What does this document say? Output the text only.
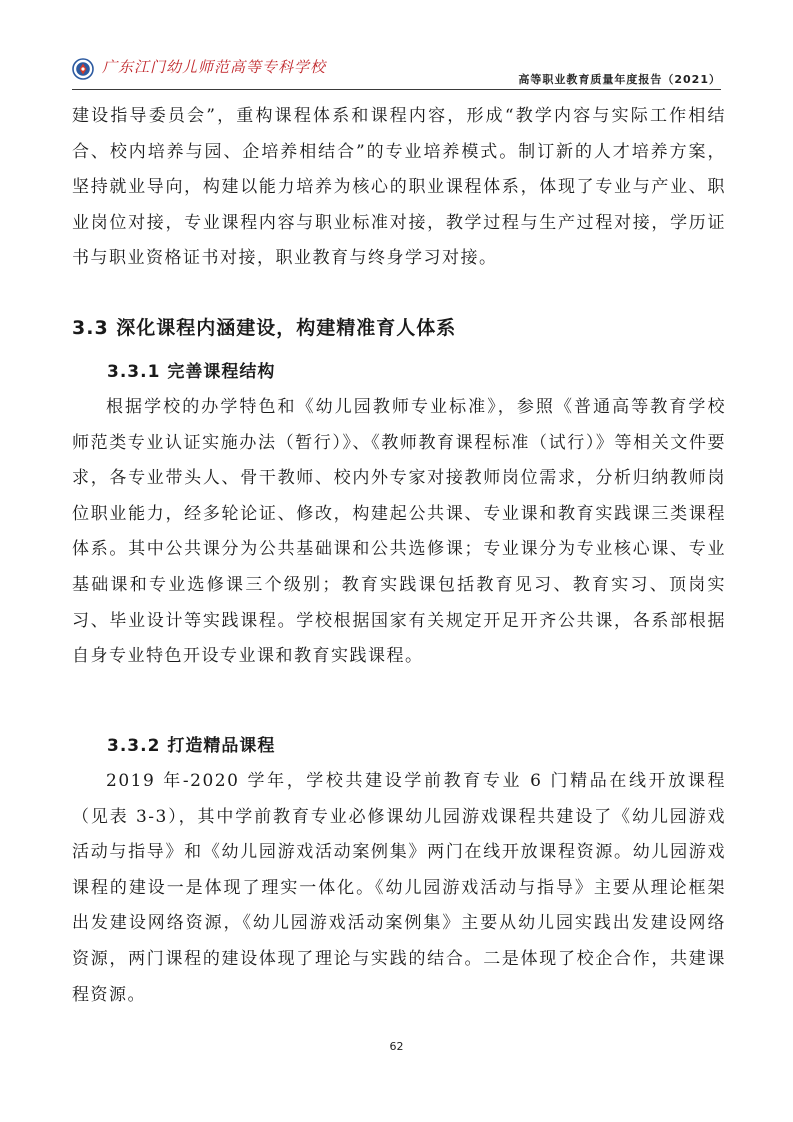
广东江门幼儿师范高等专科学校
高等职业教育质量年度报告（2021）

建设指导委员会”，重构课程体系和课程内容，形成“教学内容与实际工作相结合、校内培养与园、企培养相结合”的专业培养模式。制订新的人才培养方案，坚持就业导向，构建以能力培养为核心的职业课程体系，体现了专业与产业、职业岗位对接，专业课程内容与职业标准对接，教学过程与生产过程对接，学历证书与职业资格证书对接，职业教育与终身学习对接。

3.3 深化课程内涵建设，构建精准育人体系
3.3.1 完善课程结构

根据学校的办学特色和《幼儿园教师专业标准》，参照《普通高等教育学校师范类专业认证实施办法（暂行）》、《教师教育课程标准（试行）》等相关文件要求，各专业带头人、骨干教师、校内外专家对接教师岗位需求，分析归纳教师岗位职业能力，经多轮论证、修改，构建起公共课、专业课和教育实践课三类课程体系。其中公共课分为公共基础课和公共选修课；专业课分为专业核心课、专业基础课和专业选修课三个级别；教育实践课包括教育见习、教育实习、顶岗实习、毕业设计等实践课程。学校根据国家有关规定开足开齐公共课，各系部根据自身专业特色开设专业课和教育实践课程。

3.3.2 打造精品课程

2019 年-2020 学年，学校共建设学前教育专业 6 门精品在线开放课程（见表 3-3），其中学前教育专业必修课幼儿园游戏课程共建设了《幼儿园游戏活动与指导》和《幼儿园游戏活动案例集》两门在线开放课程资源。幼儿园游戏课程的建设一是体现了理实一体化。《幼儿园游戏活动与指导》主要从理论框架出发建设网络资源，《幼儿园游戏活动案例集》主要从幼儿园实践出发建设网络资源，两门课程的建设体现了理论与实践的结合。二是体现了校企合作，共建课程资源。

62
